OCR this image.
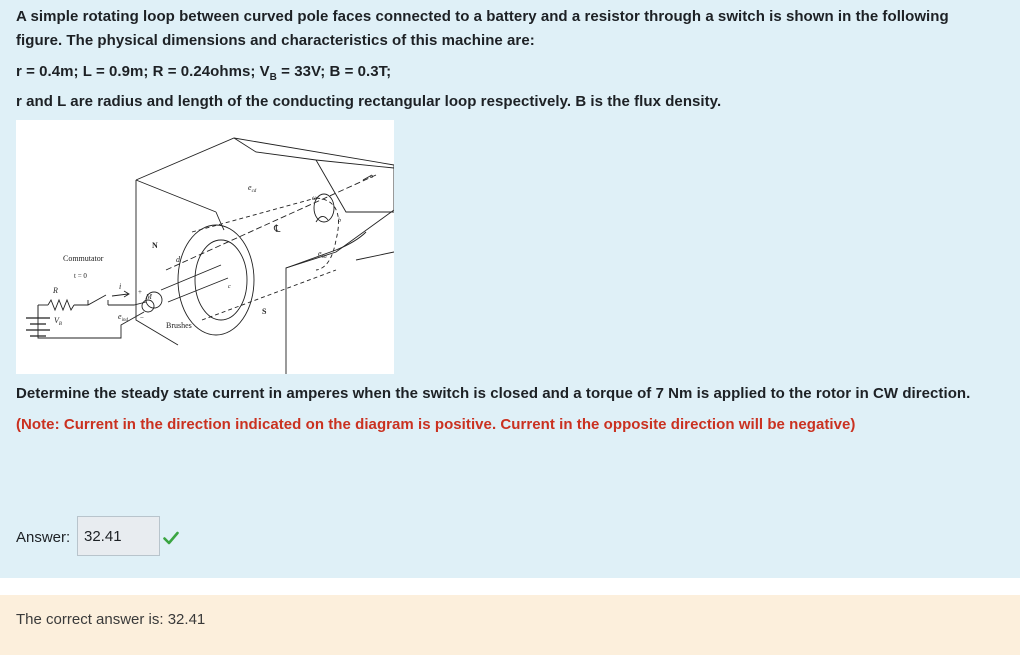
A simple rotating loop between curved pole faces connected to a battery and a resistor through a switch is shown in the following
figure. The physical dimensions and characteristics of this machine are:
r = 0.4m; L = 0.9m; R = 0.24ohms; $V_B = 33V$; B = 0.3T;
r and L are radius and length of the conducting rectangular loop respectively. B is the flux density.
Commutator
t = 0
R
$V_B$
i
$e_{ind}$
M
+
−
Brushes
N
S
d
c
b
a
℄
ω
$e_{cd}$
$e_{ba}$
Determine the steady state current in amperes when the switch is closed and a torque of 7 Nm is applied to the rotor in CW direction.
(Note: Current in the direction indicated on the diagram is positive. Current in the opposite direction will be negative)
Answer:
32.41
The correct answer is: 32.41
